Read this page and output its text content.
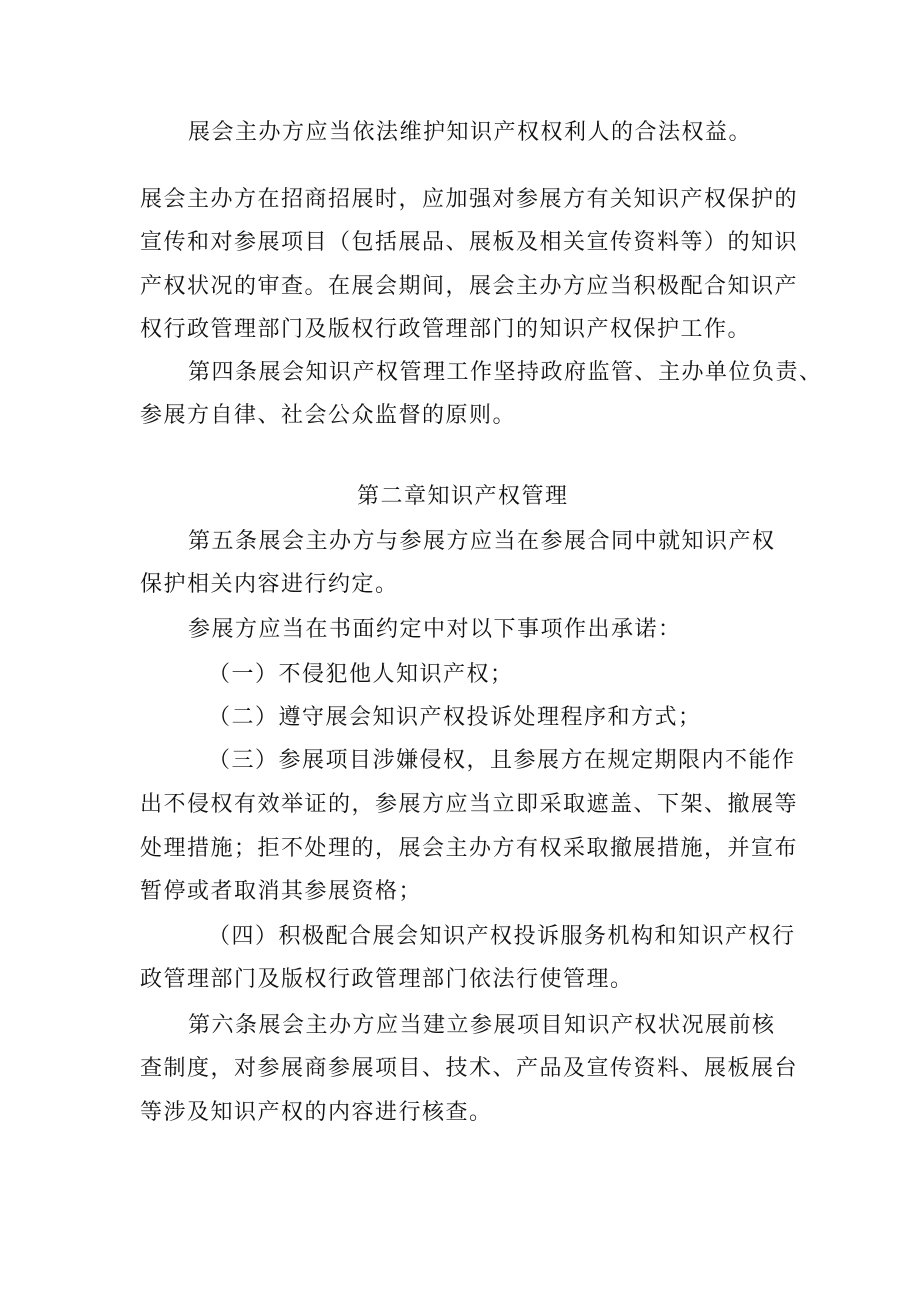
展会主办方应当依法维护知识产权权利人的合法权益。
展会主办方在招商招展时，应加强对参展方有关知识产权保护的
宣传和对参展项目（包括展品、展板及相关宣传资料等）的知识
产权状况的审查。在展会期间，展会主办方应当积极配合知识产
权行政管理部门及版权行政管理部门的知识产权保护工作。
第四条展会知识产权管理工作坚持政府监管、主办单位负责、
参展方自律、社会公众监督的原则。
第二章知识产权管理
第五条展会主办方与参展方应当在参展合同中就知识产权
保护相关内容进行约定。
参展方应当在书面约定中对以下事项作出承诺：
（一）不侵犯他人知识产权；
（二）遵守展会知识产权投诉处理程序和方式；
（三）参展项目涉嫌侵权，且参展方在规定期限内不能作
出不侵权有效举证的，参展方应当立即采取遮盖、下架、撤展等
处理措施；拒不处理的，展会主办方有权采取撤展措施，并宣布
暂停或者取消其参展资格；
（四）积极配合展会知识产权投诉服务机构和知识产权行
政管理部门及版权行政管理部门依法行使管理。
第六条展会主办方应当建立参展项目知识产权状况展前核
查制度，对参展商参展项目、技术、产品及宣传资料、展板展台
等涉及知识产权的内容进行核查。
